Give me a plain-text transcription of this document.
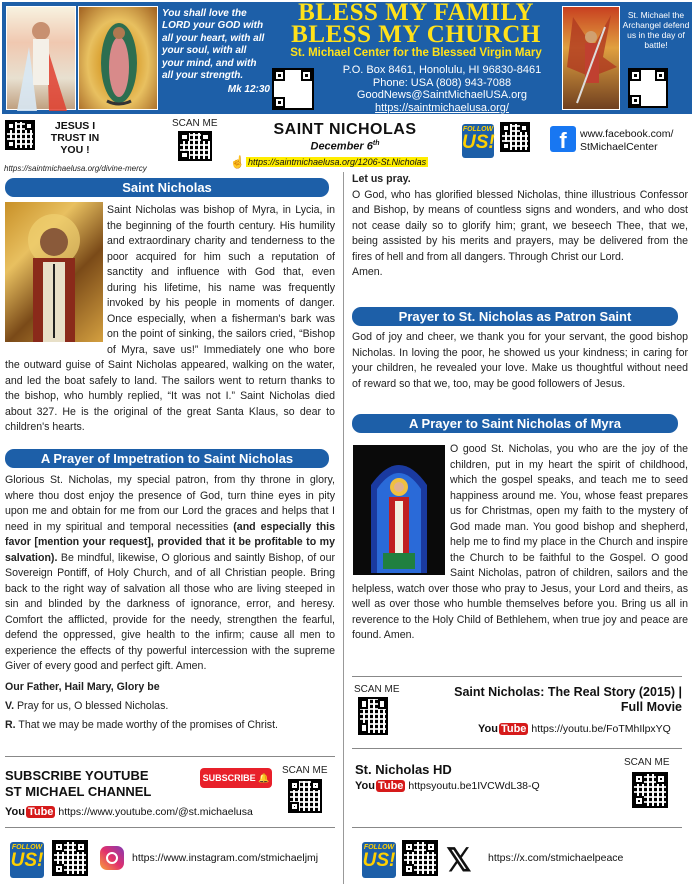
You shall love the LORD your GOD with all your heart, with all your soul, with all your mind, and with all your strength.
Mk 12:30
BLESS MY FAMILY
BLESS MY CHURCH
St. Michael Center for the Blessed Virgin Mary
P.O. Box 8461, Honolulu, HI 96830-8461
Phone: USA (808) 943-7088
GoodNews@SaintMichaelUSA.org
https://saintmichaelusa.org/
St. Michael the Archangel defend us in the day of battle!
JESUS I TRUST IN YOU !
https://saintmichaelusa.org/divine-mercy
SCAN ME
☝
SAINT NICHOLAS
December 6th
https://saintmichaelusa.org/1206-St.Nicholas
FOLLOW
US!	f	www.facebook.com/ StMichaelCenter
Saint Nicholas

Saint Nicholas was bishop of Myra, in Lycia, in the beginning of the fourth century. His humility and extraordinary charity and tenderness to the poor acquired for him such a reputation of sanctity and influence with God that, even during his lifetime, his name was frequently invoked by his people in moments of danger. Once especially, when a fisherman's bark was on the point of sinking, the sailors cried, “Bishop of Myra, save us!” Immediately one who bore the outward guise of Saint Nicholas appeared, walking on the water, and led the boat safely to land. The sailors went to return thanks to the bishop, who humbly replied, “It was not I.” Saint Nicholas died about 327. He is the original of the great Santa Klaus, so dear to children's hearts.

A Prayer of Impetration to Saint Nicholas

Glorious St. Nicholas, my special patron, from thy throne in glory, where thou dost enjoy the presence of God, turn thine eyes in pity upon me and obtain for me from our Lord the graces and helps that I need in my spiritual and temporal necessities (and especially this favor [mention your request], provided that it be profitable to my salvation). Be mindful, likewise, O glorious and saintly Bishop, of our Sovereign Pontiff, of Holy Church, and of all Christian people. Bring back to the right way of salvation all those who are living steeped in sin and blinded by the darkness of ignorance, error, and heresy. Comfort the afflicted, provide for the needy, strengthen the fearful, defend the oppressed, give health to the infirm; cause all men to experience the effects of thy powerful intercession with the supreme Giver of every good and perfect gift. Amen.

Our Father, Hail Mary, Glory be

V. Pray for us, O blessed Nicholas.

R. That we may be made worthy of the promises of Christ.

SUBSCRIBE YOUTUBE
ST MICHAEL CHANNEL
SUBSCRIBE 🔔
SCAN ME
You Tube https://www.youtube.com/@st.michaelusa
FOLLOW
US!	https://www.instagram.com/stmichaeljmj

Let us pray.

O God, who has glorified blessed Nicholas, thine illustrious Confessor and Bishop, by means of countless signs and wonders, and who dost not cease daily so to glorify him; grant, we beseech Thee, that we, being assisted by his merits and prayers, may be delivered from the fires of hell and from all dangers. Through Christ our Lord.

Amen.

Prayer to St. Nicholas as Patron Saint
God of joy and cheer, we thank you for your servant, the good bishop Nicholas. In loving the poor, he showed us your kindness; in caring for your children, he revealed your love. Make us thoughtful without need of reward so that we, too, may be good followers of Jesus.
A Prayer to Saint Nicholas of Myra

O good St. Nicholas, you who are the joy of the children, put in my heart the spirit of childhood, which the gospel speaks, and teach me to seed happiness around me. You, whose feast prepares us for Christmas, open my faith to the mystery of God made man. You good bishop and shepherd, help me to find my place in the Church and inspire the Church to be faithful to the Gospel. O good Saint Nicholas, patron of children, sailors and the helpless, watch over those who pray to Jesus, your Lord and theirs, as well as over those who humble themselves before you. Bring us all in reverence to the Holy Child of Bethlehem, when true joy and peace are found. Amen.

SCAN ME	Saint Nicholas: The Real Story (2015) | Full Movie
You Tube https://youtu.be/FoTMhIlpxYQ
St. Nicholas HD
You Tube httpsyoutu.be1IVCWdL38-Q
SCAN ME
FOLLOW
US! 𝕏 https://x.com/stmichaelpeace
